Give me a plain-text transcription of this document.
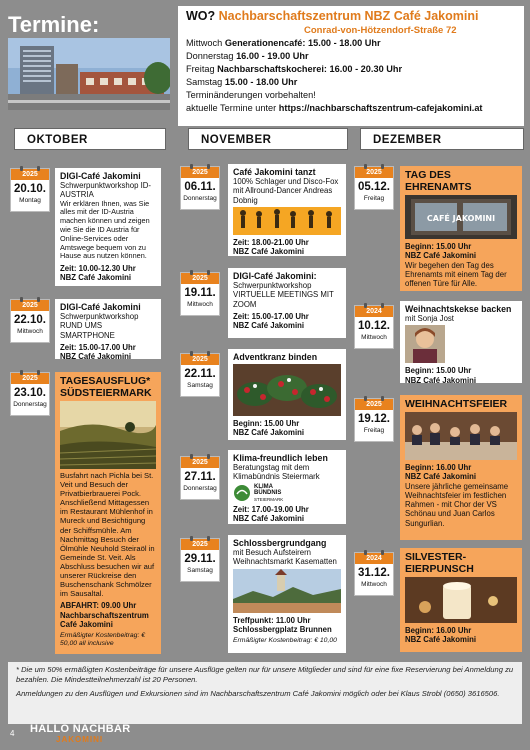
Termine:	WO? Nachbarschaftszentrum NBZ Café Jakomini
Conrad-von-Hötzendorf-Straße 72
Mittwoch Generationencafé: 15.00 - 18.00 Uhr
Donnerstag 16.00 - 19.00 Uhr
Freitag Nachbarschaftskocherei: 16.00 - 20.30 Uhr
Samstag 15.00 - 18.00 Uhr
Terminänderungen vorbehalten!
aktuelle Termine unter https://nachbarschaftszentrum-cafejakomini.at
OKTOBER	NOVEMBER	DEZEMBER
DIGI-Café Jakomini
Schwerpunktworkshop ID-AUSTRIA
Wir erklären Ihnen, was Sie alles mit der ID-Austria machen können und zeigen wie Sie die ID Austria für Online-Services oder Amtswege bequem von zu Hause aus nutzen können.
Zeit: 10.00-12.30 Uhr
NBZ Café Jakomini
2025
20.10.
Montag
DIGI-Café Jakomini
Schwerpunktworkshop RUND UMS SMARTPHONE
Zeit: 15.00-17.00 Uhr
NBZ Café Jakomini
2025
22.10.
Mittwoch
TAGESAUSFLUG* SÜDSTEIERMARK
Busfahrt nach Pichla bei St. Veit und Besuch der Privatbierbrauerei Pock. Anschließend Mittagessen im Restaurant Mühlenhof in Mureck und Besichtigung der Schiffsmühle. Am Nachmittag Besuch der Ölmühle Neuhold Steiraöl in Gemeinde St. Veit. Als Abschluss besuchen wir auf unserer Rückreise den Buschenschank Schmölzer im Sausaltal.
ABFAHRT: 09.00 Uhr
Nachbarschaftszentrum Café Jakomini
Ermäßigter Kostenbeitrag: € 50,00 all inclusive
2025
23.10.
Donnerstag
Café Jakomini tanzt
100% Schlager und Disco-Fox mit Allround-Dancer Andreas Dobnig
Zeit: 18.00-21.00 Uhr
NBZ Café Jakomini
2025
06.11.
Donnerstag
DIGI-Café Jakomini:
Schwerpunktworkshop VIRTUELLE MEETINGS MIT ZOOM
Zeit: 15.00-17.00 Uhr
NBZ Café Jakomini
2025
19.11.
Mittwoch
Adventkranz binden
Beginn: 15.00 Uhr
NBZ Café Jakomini
2025
22.11.
Samstag
Klima-freundlich leben
Beratungstag mit dem Klimabündnis Steiermark
KLIMA
BÜNDNIS
STEIERMARK
Zeit: 17.00-19.00 Uhr
NBZ Café Jakomini
2025
27.11.
Donnerstag
Schlossbergrundgang
mit Besuch Aufsteirern Weihnachtsmarkt Kasematten
Treffpunkt: 11.00 Uhr
Schlossbergplatz Brunnen
Ermäßigter Kostenbeitrag: € 10,00
2025
29.11.
Samstag
TAG DES EHRENAMTS
CAFÉ JAKOMINI
Beginn: 15.00 Uhr
NBZ Café Jakomini
Wir begehen den Tag des Ehrenamts mit einem Tag der offenen Türe für Alle.
2025
05.12.
Freitag
Weihnachtskekse backen
mit Sonja Jost
Beginn: 15.00 Uhr
NBZ Café Jakomini
2024
10.12.
Mittwoch
WEIHNACHTSFEIER
Beginn: 16.00 Uhr
NBZ Café Jakomini
Unsere jährliche gemeinsame Weihnachtsfeier im festlichen Rahmen - mit Chor der VS Schönau und Juan Carlos Sungurlian.
2025
19.12.
Freitag
SILVESTER-EIERPUNSCH
Beginn: 16.00 Uhr
NBZ Café Jakomini
2024
31.12.
Mittwoch

* Die um 50% ermäßigten Kostenbeiträge für unsere Ausflüge gelten nur für unsere Mitglieder und sind für eine fixe Reservierung bei Anmeldung zu bezahlen. Die Mindestteilnehmerzahl ist 20 Personen.

Anmeldungen zu den Ausflügen und Exkursionen sind im Nachbarschaftszentrum Café Jakomini möglich oder bei Klaus Strobl (0650) 3616506.

4 HALLO NACHBAR
JAKOMINI
